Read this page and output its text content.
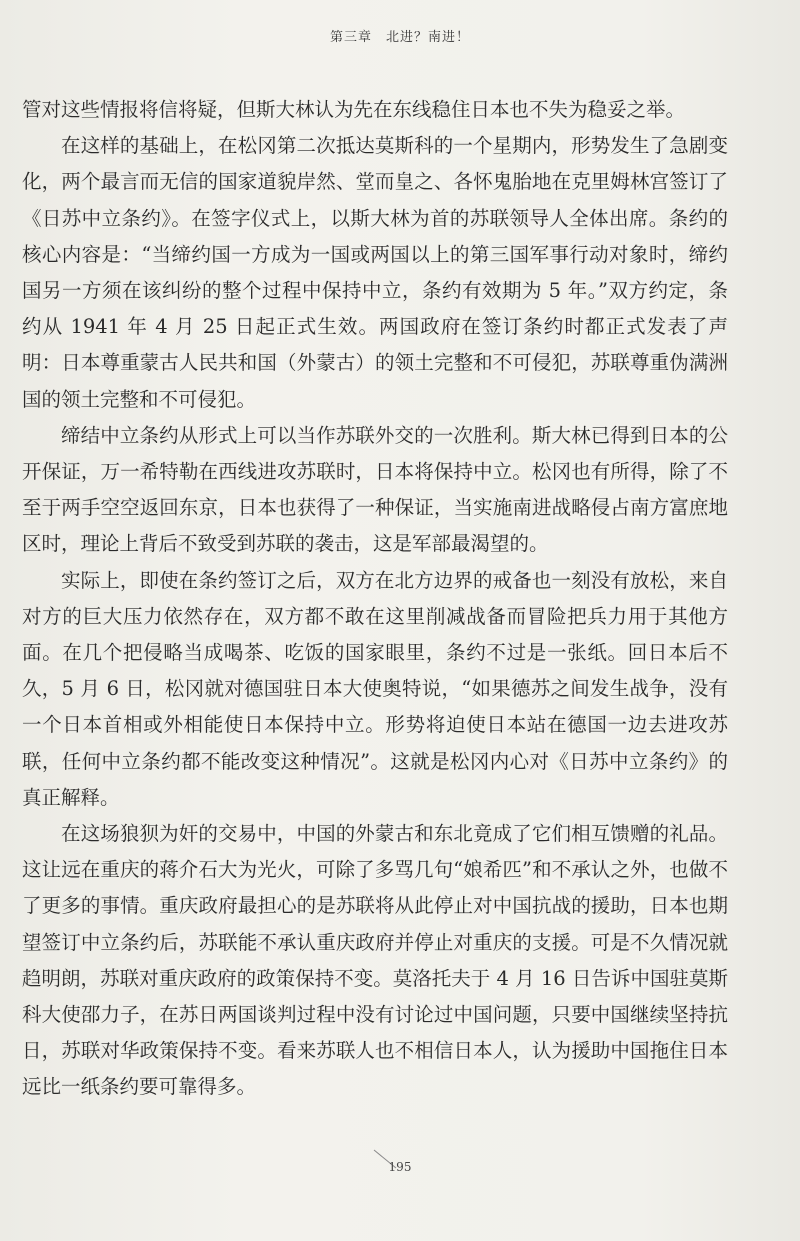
第三章　北进？南进！

管对这些情报将信将疑，但斯大林认为先在东线稳住日本也不失为稳妥之举。

在这样的基础上，在松冈第二次抵达莫斯科的一个星期内，形势发生了急剧变化，两个最言而无信的国家道貌岸然、堂而皇之、各怀鬼胎地在克里姆林宫签订了《日苏中立条约》。在签字仪式上，以斯大林为首的苏联领导人全体出席。条约的核心内容是：“当缔约国一方成为一国或两国以上的第三国军事行动对象时，缔约国另一方须在该纠纷的整个过程中保持中立，条约有效期为 5 年。”双方约定，条约从 1941 年 4 月 25 日起正式生效。两国政府在签订条约时都正式发表了声明：日本尊重蒙古人民共和国（外蒙古）的领土完整和不可侵犯，苏联尊重伪满洲国的领土完整和不可侵犯。

缔结中立条约从形式上可以当作苏联外交的一次胜利。斯大林已得到日本的公开保证，万一希特勒在西线进攻苏联时，日本将保持中立。松冈也有所得，除了不至于两手空空返回东京，日本也获得了一种保证，当实施南进战略侵占南方富庶地区时，理论上背后不致受到苏联的袭击，这是军部最渴望的。

实际上，即使在条约签订之后，双方在北方边界的戒备也一刻没有放松，来自对方的巨大压力依然存在，双方都不敢在这里削减战备而冒险把兵力用于其他方面。在几个把侵略当成喝茶、吃饭的国家眼里，条约不过是一张纸。回日本后不久，5 月 6 日，松冈就对德国驻日本大使奥特说，“如果德苏之间发生战争，没有一个日本首相或外相能使日本保持中立。形势将迫使日本站在德国一边去进攻苏联，任何中立条约都不能改变这种情况”。这就是松冈内心对《日苏中立条约》的真正解释。

在这场狼狈为奸的交易中，中国的外蒙古和东北竟成了它们相互馈赠的礼品。这让远在重庆的蒋介石大为光火，可除了多骂几句“娘希匹”和不承认之外，也做不了更多的事情。重庆政府最担心的是苏联将从此停止对中国抗战的援助，日本也期望签订中立条约后，苏联能不承认重庆政府并停止对重庆的支援。可是不久情况就趋明朗，苏联对重庆政府的政策保持不变。莫洛托夫于 4 月 16 日告诉中国驻莫斯科大使邵力子，在苏日两国谈判过程中没有讨论过中国问题，只要中国继续坚持抗日，苏联对华政策保持不变。看来苏联人也不相信日本人，认为援助中国拖住日本远比一纸条约要可靠得多。

195
